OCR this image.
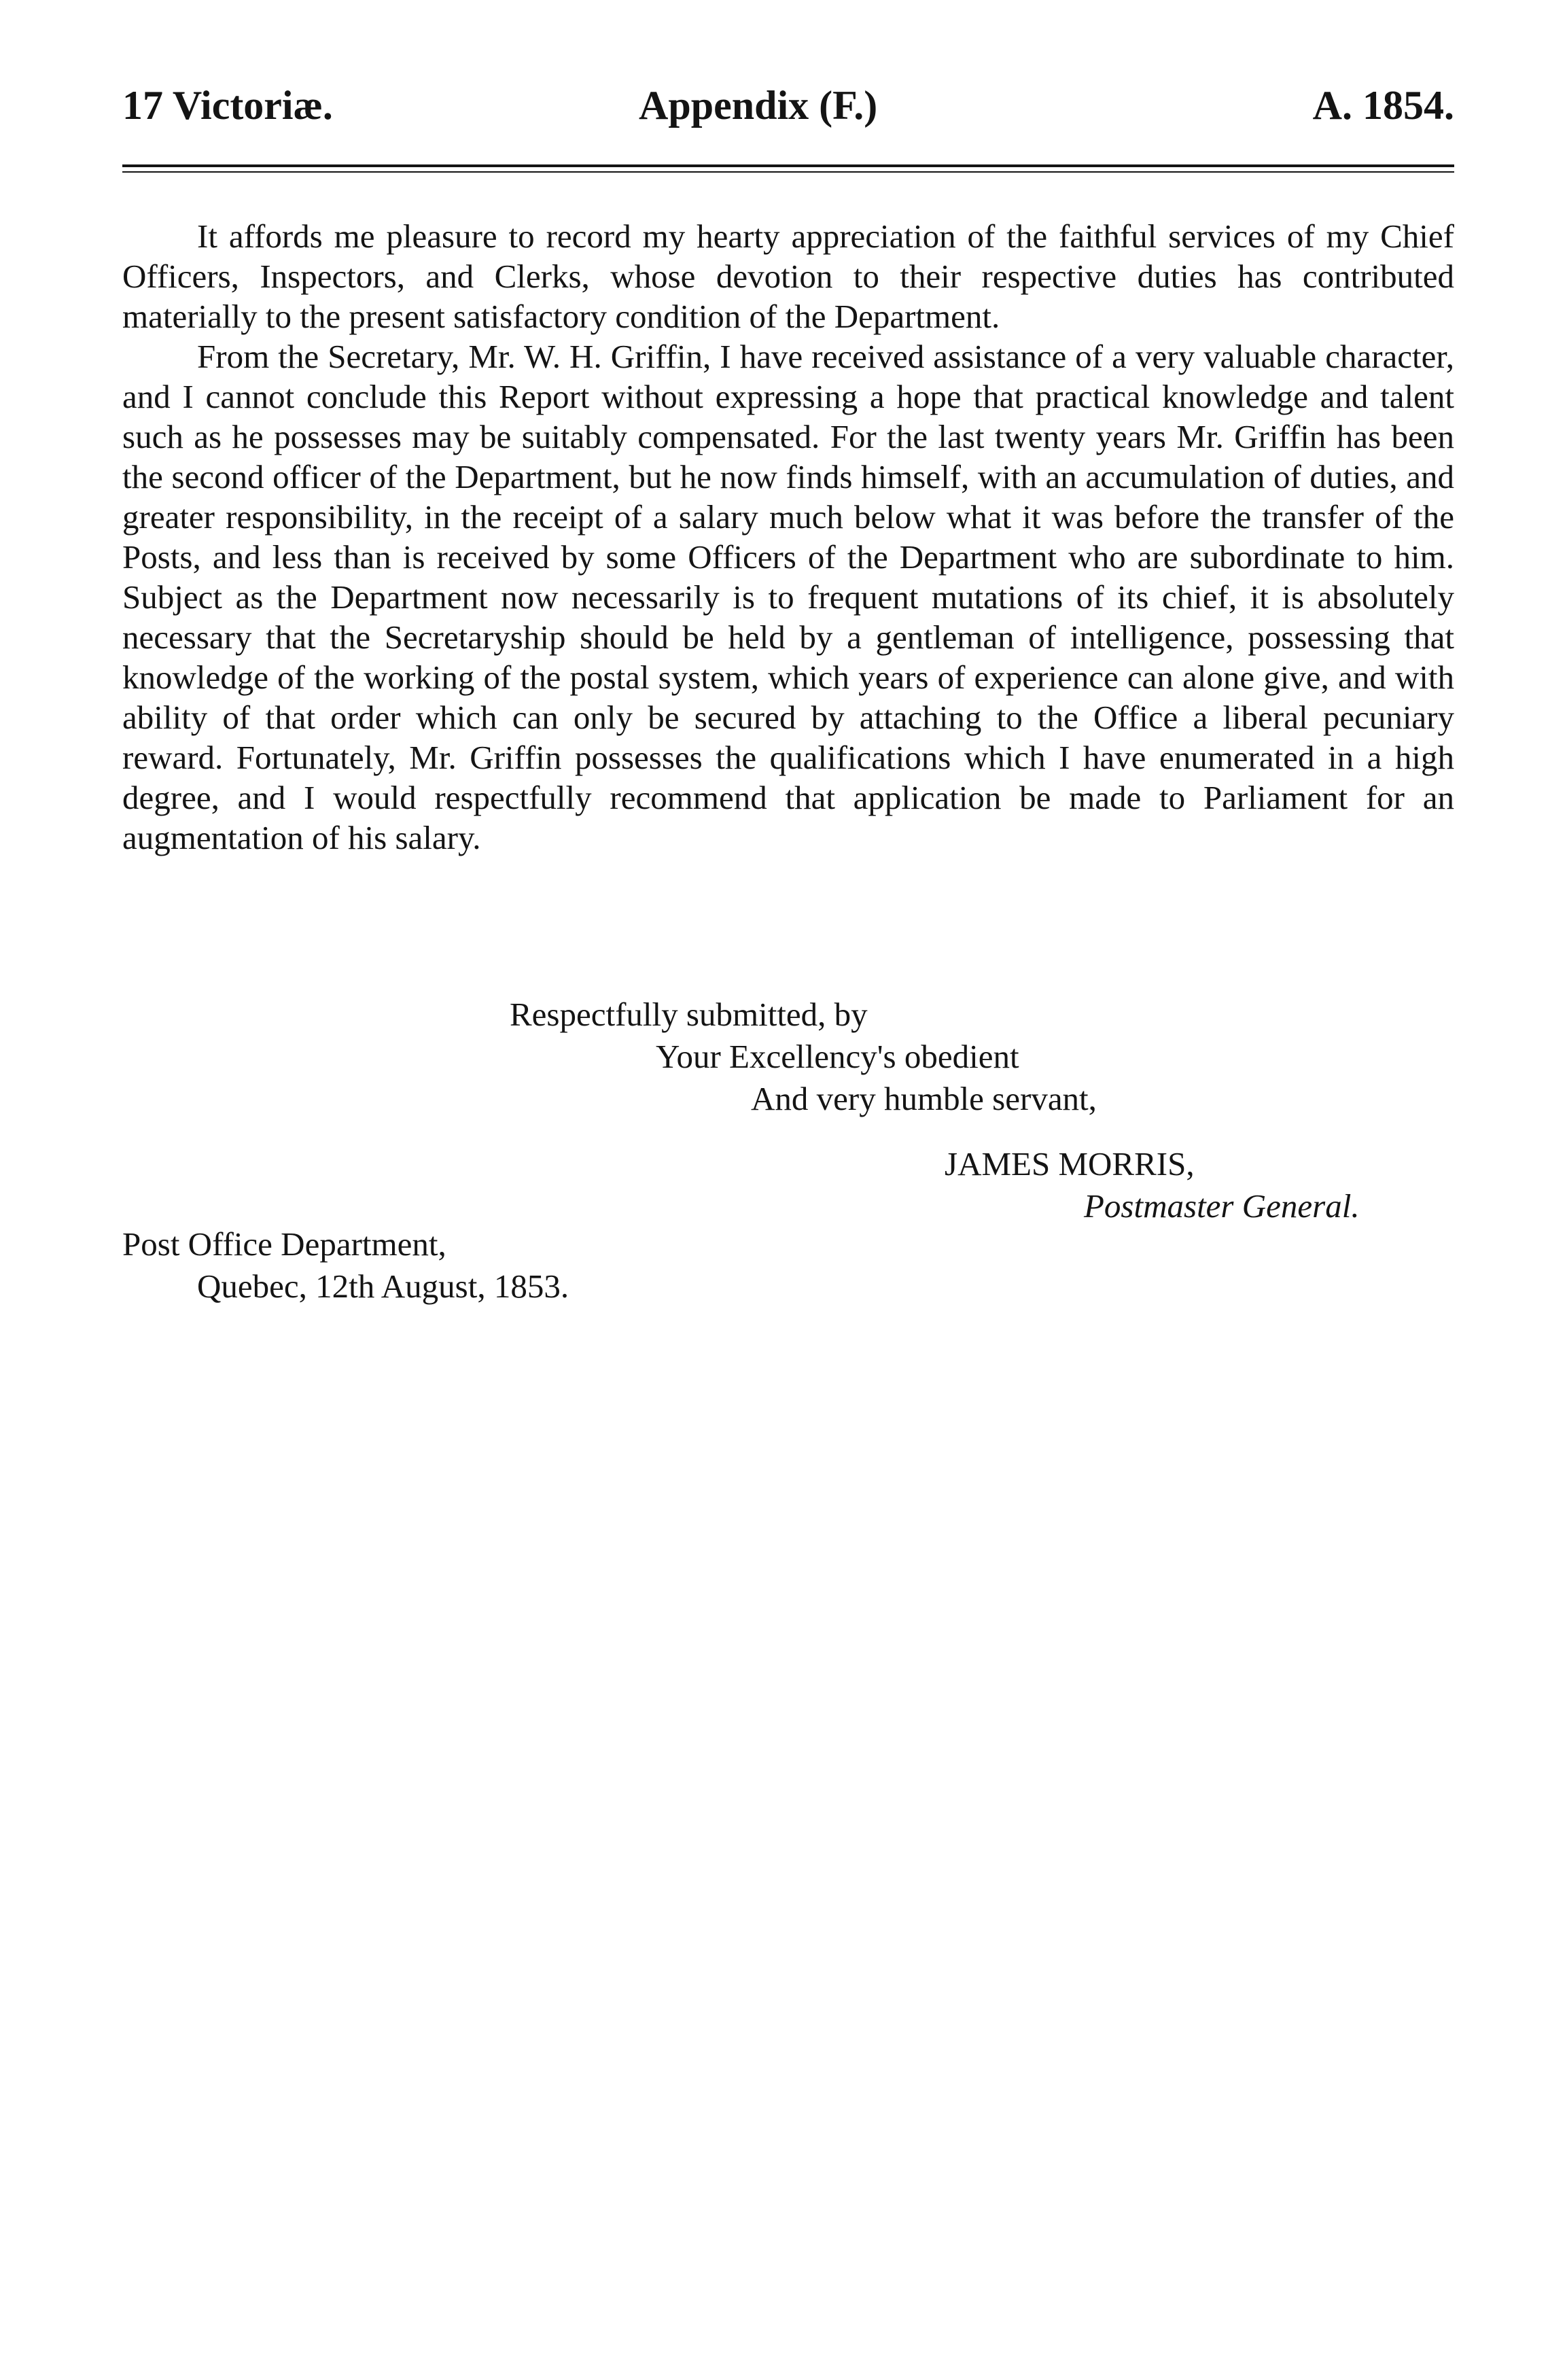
17 Victoriæ.	Appendix (F.)	A. 1854.

It affords me pleasure to record my hearty appreciation of the faithful services of my Chief Officers, Inspectors, and Clerks, whose devotion to their respective duties has contributed materially to the present satisfactory condition of the Department.

From the Secretary, Mr. W. H. Griffin, I have received assistance of a very valuable character, and I cannot conclude this Report without expressing a hope that practical knowledge and talent such as he possesses may be suitably compensated. For the last twenty years Mr. Griffin has been the second officer of the Department, but he now finds himself, with an accumulation of duties, and greater responsibility, in the receipt of a salary much below what it was before the transfer of the Posts, and less than is received by some Officers of the Department who are subordinate to him. Subject as the Department now necessarily is to frequent mutations of its chief, it is absolutely necessary that the Secretaryship should be held by a gentleman of intelligence, possessing that knowledge of the working of the postal system, which years of experience can alone give, and with ability of that order which can only be secured by attaching to the Office a liberal pecuniary reward. Fortunately, Mr. Griffin possesses the qualifications which I have enumerated in a high degree, and I would respectfully recommend that application be made to Parliament for an augmentation of his salary.

Respectfully submitted, by
Your Excellency's obedient
And very humble servant,
JAMES MORRIS,
Postmaster General.
Post Office Department,
Quebec, 12th August, 1853.
